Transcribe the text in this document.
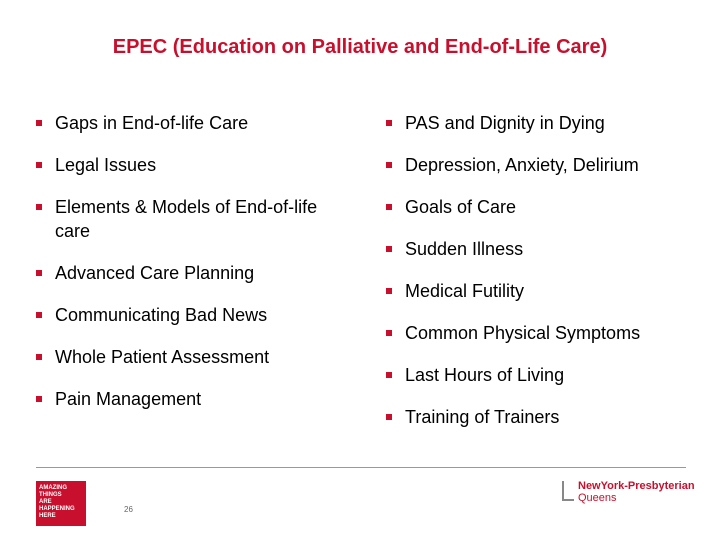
EPEC (Education on Palliative and End-of-Life Care)
Gaps in End-of-life Care
Legal Issues
Elements & Models of End-of-life care
Advanced Care Planning
Communicating Bad News
Whole Patient Assessment
Pain Management
PAS and Dignity in Dying
Depression, Anxiety, Delirium
Goals of Care
Sudden Illness
Medical Futility
Common Physical Symptoms
Last Hours of Living
Training of Trainers
AMAZING
THINGS
ARE
HAPPENING
HERE
26
NewYork-Presbyterian
Queens
